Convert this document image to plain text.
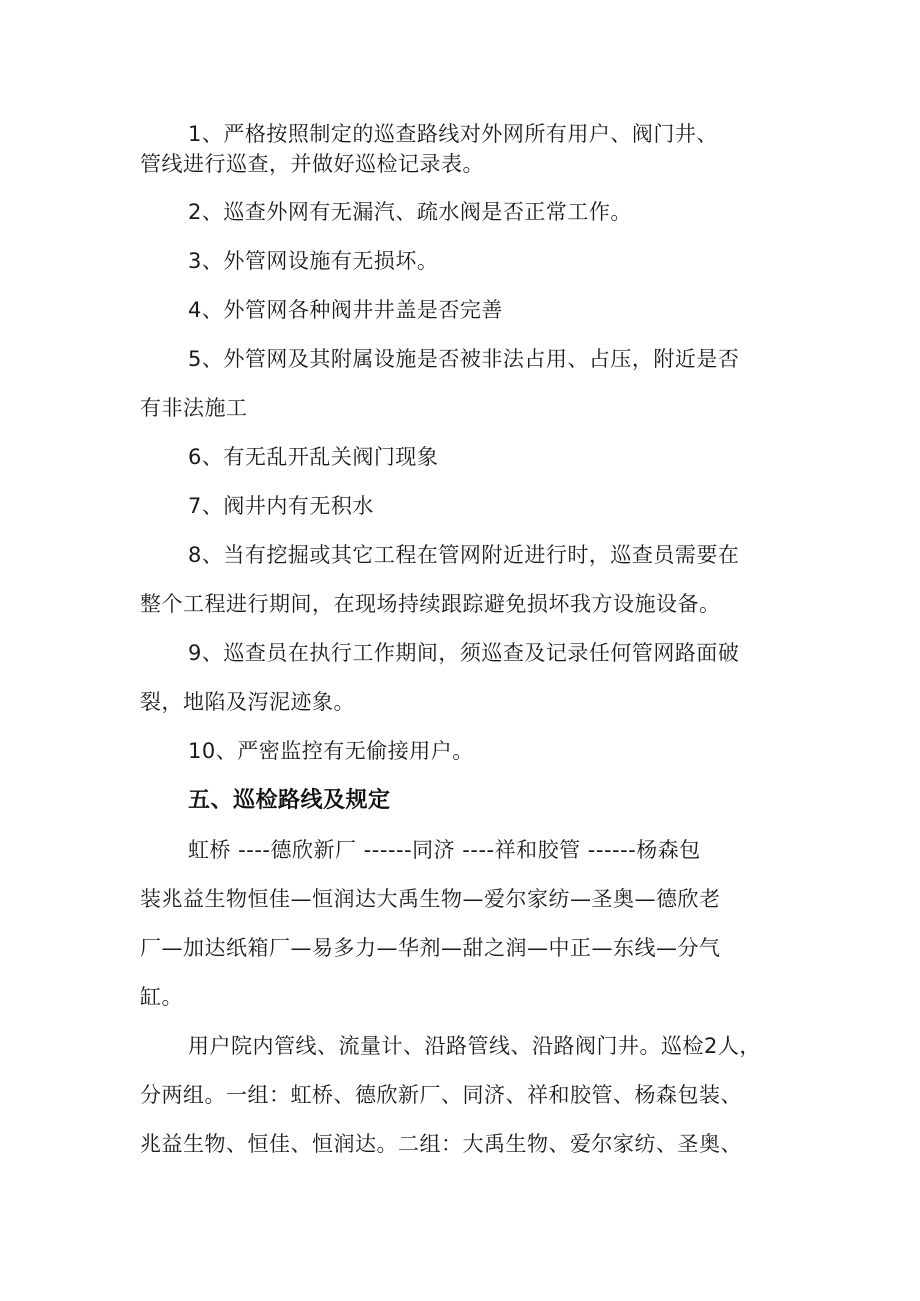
1、严格按照制定的巡查路线对外网所有用户、阀门井、
管线进行巡查，并做好巡检记录表。
2、巡查外网有无漏汽、疏水阀是否正常工作。
3、外管网设施有无损坏。
4、外管网各种阀井井盖是否完善
5、外管网及其附属设施是否被非法占用、占压，附近是否
有非法施工
6、有无乱开乱关阀门现象
7、阀井内有无积水
8、当有挖掘或其它工程在管网附近进行时，巡查员需要在
整个工程进行期间，在现场持续跟踪避免损坏我方设施设备。
9、巡查员在执行工作期间，须巡查及记录任何管网路面破
裂，地陷及泻泥迹象。
10、严密监控有无偷接用户。
五、巡检路线及规定
虹桥 ----德欣新厂 ------同济 ----祥和胶管 ------杨森包
装兆益生物恒佳—恒润达大禹生物—爱尔家纺—圣奥—德欣老
厂—加达纸箱厂—易多力—华剂—甜之润—中正—东线—分气
缸。
用户院内管线、流量计、沿路管线、沿路阀门井。巡检2人，
分两组。一组：虹桥、德欣新厂、同济、祥和胶管、杨森包装、
兆益生物、恒佳、恒润达。二组：大禹生物、爱尔家纺、圣奥、
